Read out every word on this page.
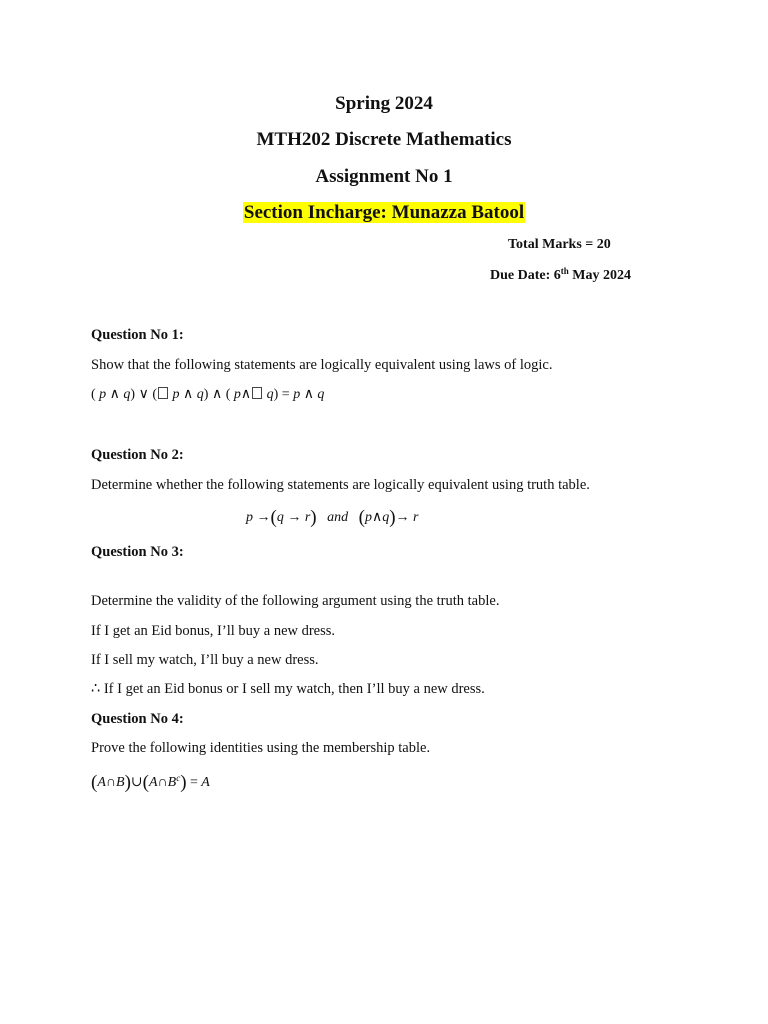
Spring 2024
MTH202 Discrete Mathematics
Assignment No 1
Section Incharge: Munazza Batool
Total Marks = 20
Due Date: 6th May 2024
Question No 1:
Show that the following statements are logically equivalent using laws of logic.
( p ∧ q) ∨ ( p ∧ q) ∧ ( p∧ q) = p ∧ q
Question No 2:
Determine whether the following statements are logically equivalent using truth table.
p →(q → r)   and   (p∧q)→ r
Question No 3:
Determine the validity of the following argument using the truth table.
If I get an Eid bonus, I’ll buy a new dress.
If I sell my watch, I’ll buy a new dress.
∴ If I get an Eid bonus or I sell my watch, then I’ll buy a new dress.
Question No 4:
Prove the following identities using the membership table.
$(A\cap B)\cup(A\cap B^c) = A$
